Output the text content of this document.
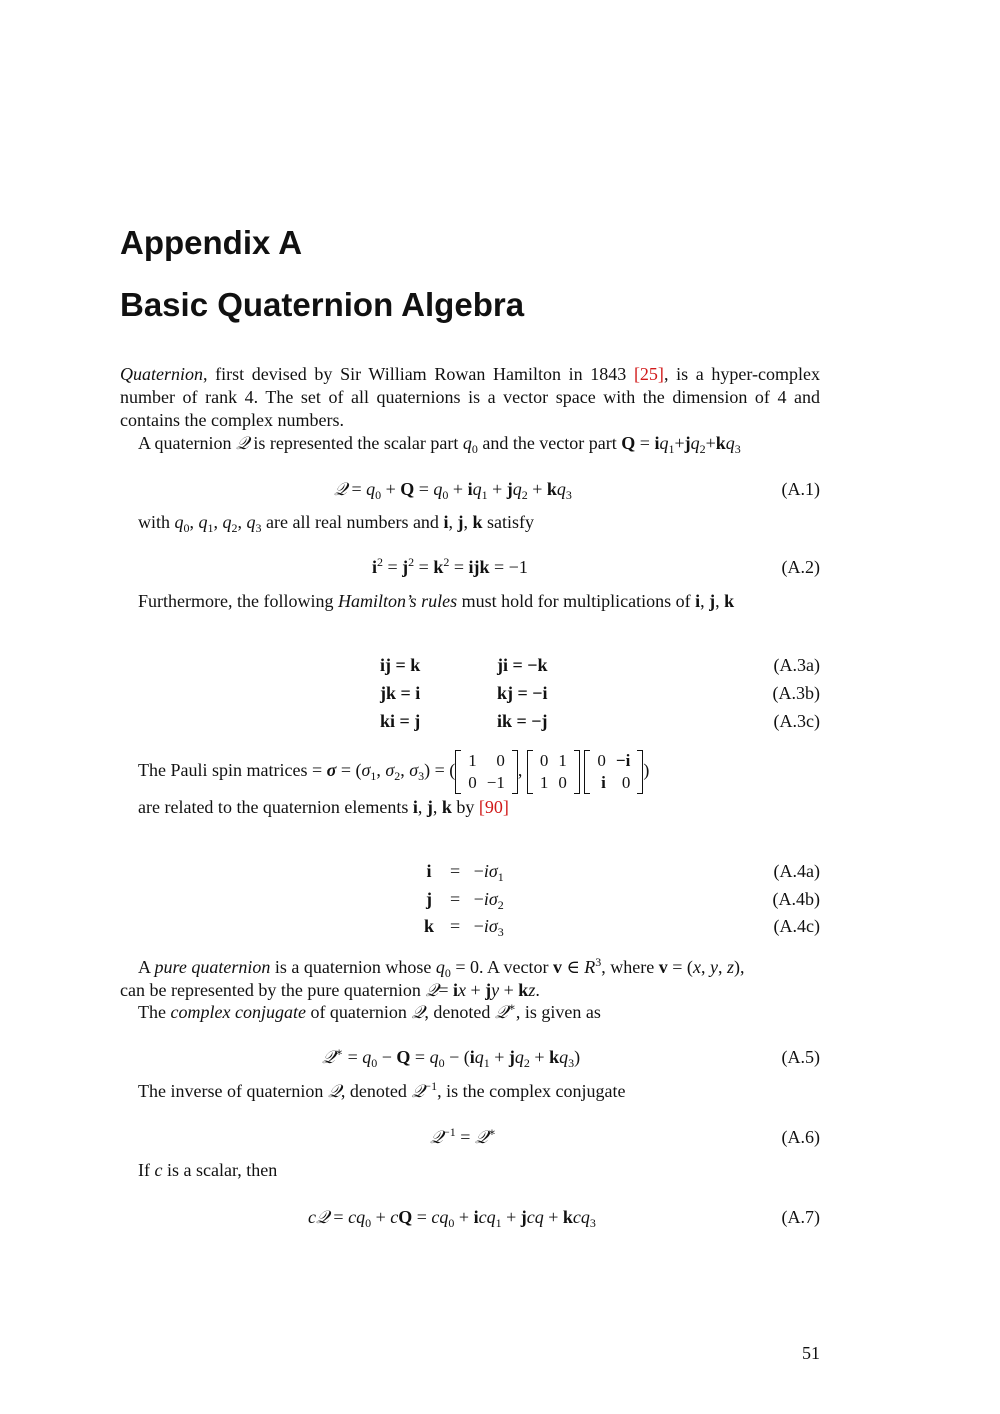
Appendix A
Basic Quaternion Algebra
Quaternion, first devised by Sir William Rowan Hamilton in 1843 [25], is a hyper-complex number of rank 4. The set of all quaternions is a vector space with the dimension of 4 and contains the complex numbers.
A quaternion 𝒬 is represented the scalar part $q_0$ and the vector part $Q = iq_1+jq_2+kq_3$
𝒬 = $q_0 + Q = q_0 + iq_1 + jq_2 + kq_3$	(A.1)
with $q_0$, $q_1$, $q_2$, $q_3$ are all real numbers and i, j, k satisfy
$i^2 = j^2 = k^2$ = ijk = −1	(A.2)
Furthermore, the following Hamilton’s rules must hold for multiplications of i, j, k
ij = k	ji = −k	(A.3a)
jk = i	kj = −i	(A.3b)
ki = j	ik = −j	(A.3c)
The Pauli spin matrices = $\sigma = (\sigma_1$, $\sigma_2$, $\sigma_3$) = ( 1	0
0	−1
, 0	1
1	0

0	−i
i	0
)
are related to the quaternion elements i, j, k by [90]
$i = -i\sigma_1$	(A.4a)
$j = -i\sigma_2$	(A.4b)
$k = -i\sigma_3$	(A.4c)
A pure quaternion is a quaternion whose $q_0 = 0$. A vector v ∈ $R^3$, where v = (x, y, z),
can be represented by the pure quaternion 𝒬= ix + jy + kz.
The complex conjugate of quaternion 𝒬, denoted 𝒬∗, is given as
𝒬∗ = $q_0 - Q = q_0 - (iq_1 + jq_2 + kq_3)$	(A.5)
The inverse of quaternion 𝒬, denoted 𝒬$^{-1}$, is the complex conjugate
𝒬$^{-1}$ = 𝒬∗	(A.6)
If c is a scalar, then
c𝒬 = $cq_0$ + cQ = $cq_0 + icq_1$ + jcq + kcq$_3$	(A.7)
51
